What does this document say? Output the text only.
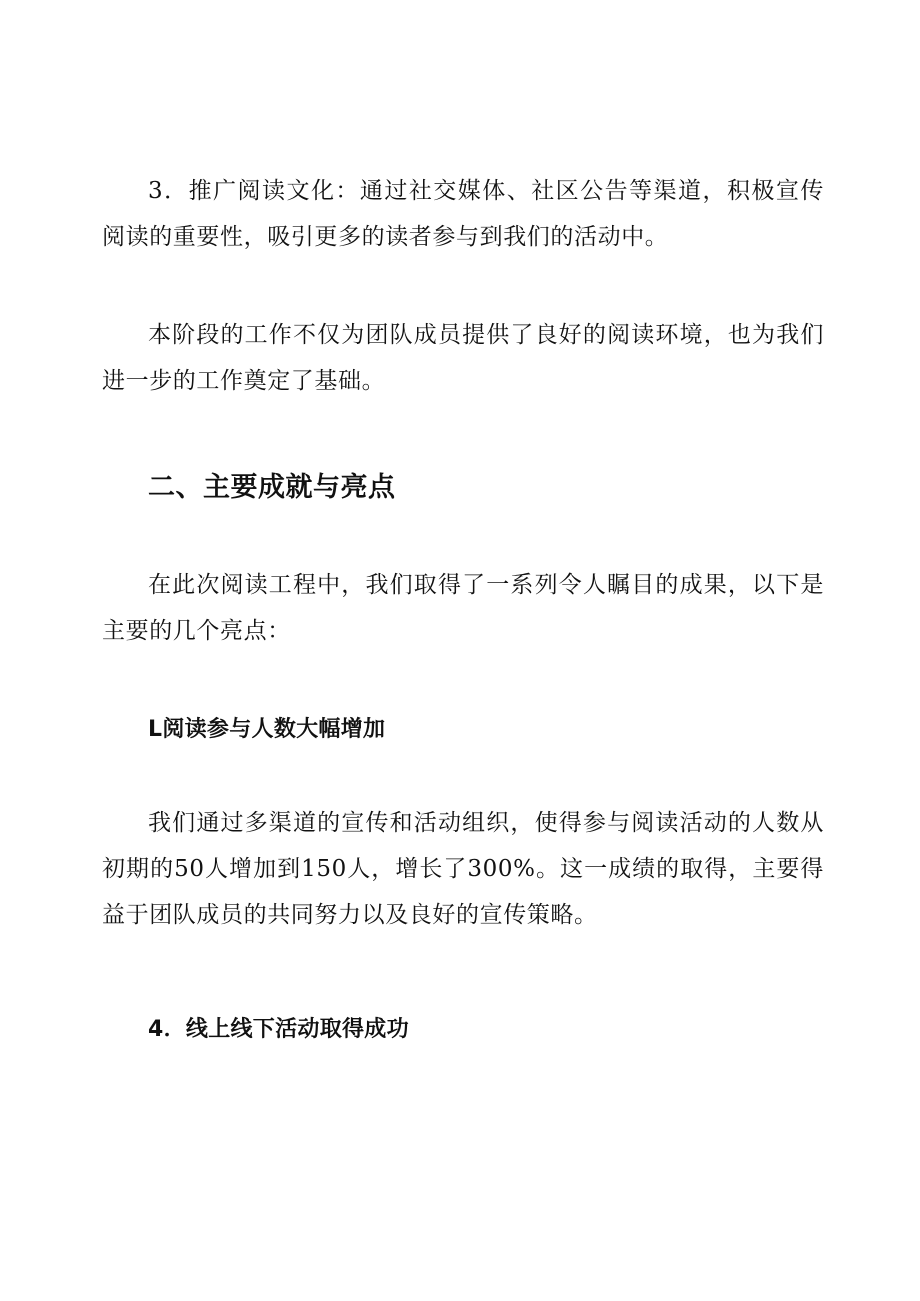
3．推广阅读文化：通过社交媒体、社区公告等渠道，积极宣传阅读的重要性，吸引更多的读者参与到我们的活动中。

本阶段的工作不仅为团队成员提供了良好的阅读环境，也为我们进一步的工作奠定了基础。

二、主要成就与亮点

在此次阅读工程中，我们取得了一系列令人瞩目的成果，以下是主要的几个亮点：

L阅读参与人数大幅增加

我们通过多渠道的宣传和活动组织，使得参与阅读活动的人数从初期的50人增加到150人，增长了300%。这一成绩的取得，主要得益于团队成员的共同努力以及良好的宣传策略。

4．线上线下活动取得成功
